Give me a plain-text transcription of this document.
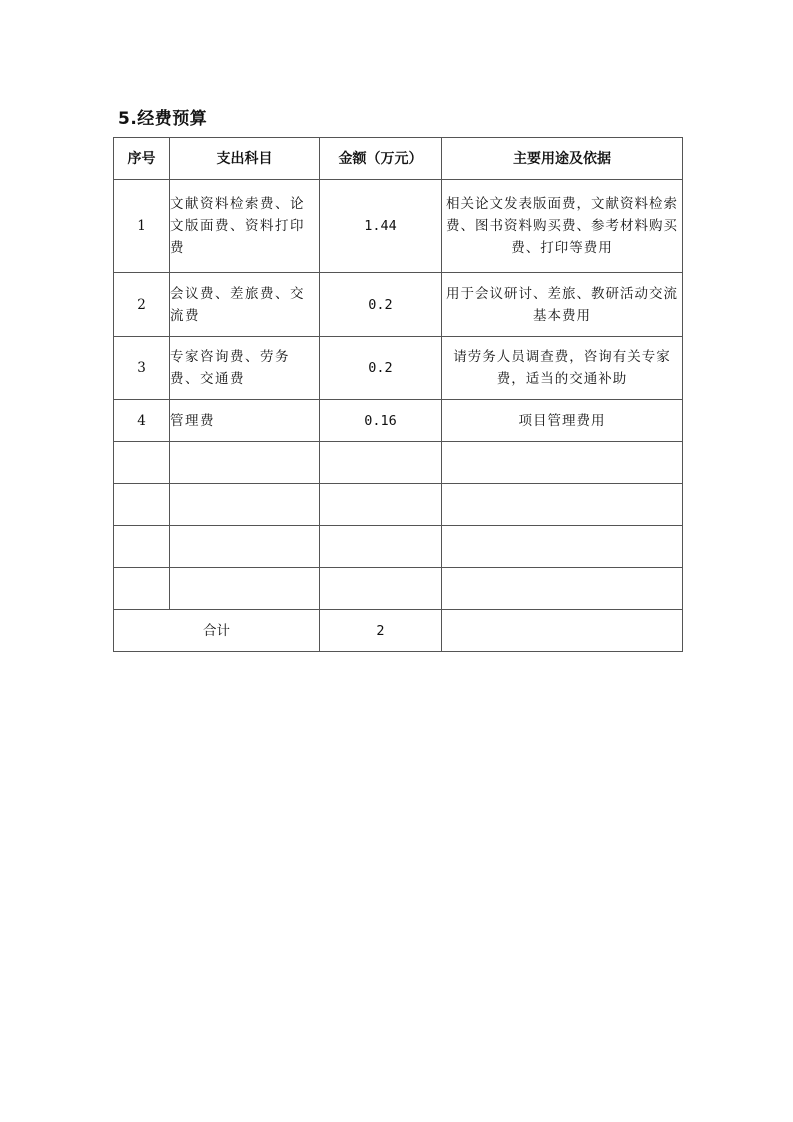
5.经费预算
序号	支出科目	金额（万元）	主要用途及依据
1	文献资料检索费、论文版面费、资料打印费	1.44	相关论文发表版面费，文献资料检索费、图书资料购买费、参考材料购买费、打印等费用
2	会议费、差旅费、交流费	0.2	用于会议研讨、差旅、教研活动交流基本费用
3	专家咨询费、劳务费、交通费	0.2	请劳务人员调查费，咨询有关专家费，适当的交通补助
4	管理费	0.16	项目管理费用

合计		2	
